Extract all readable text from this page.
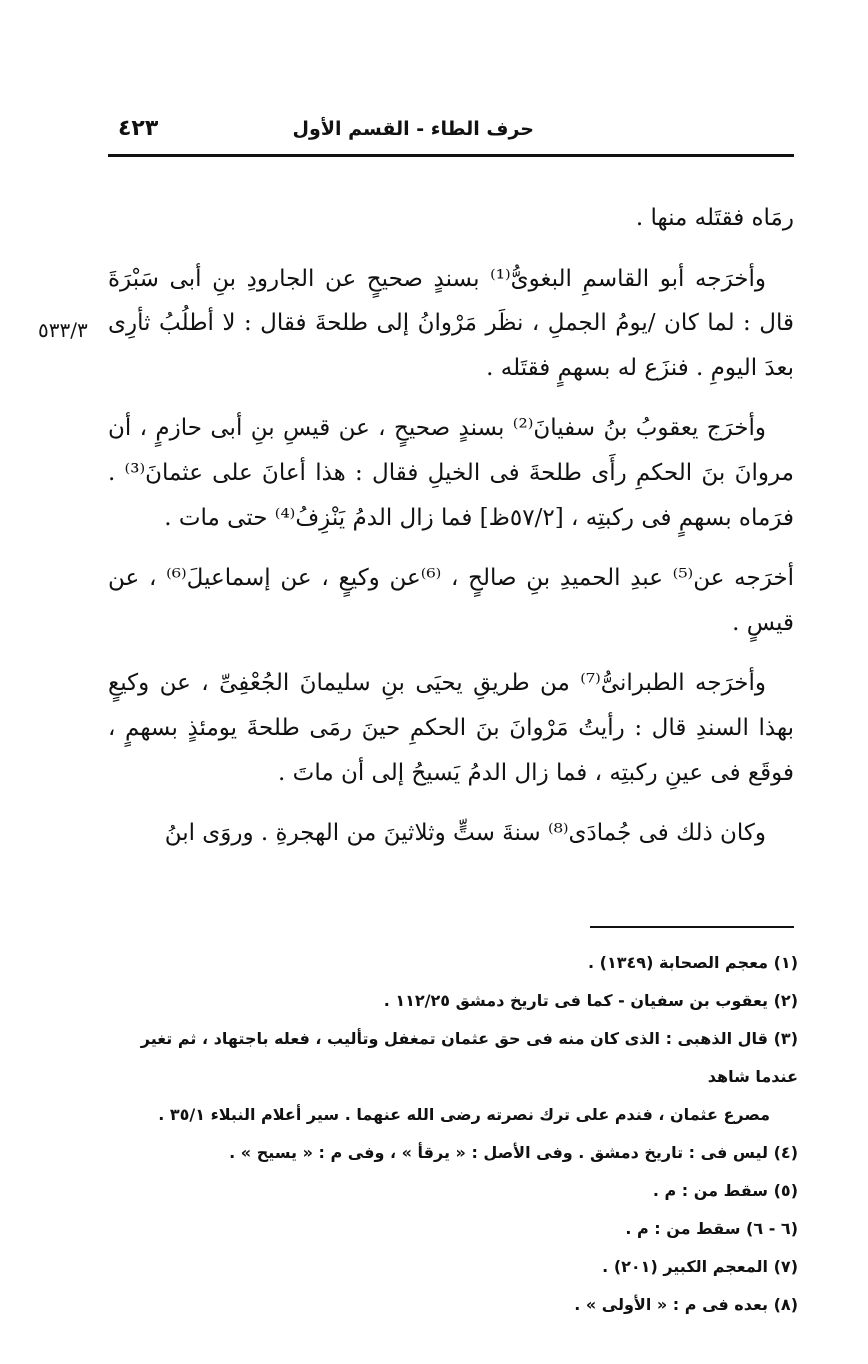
حرف الطاء - القسم الأول
٤٢٣
٥٣٣/٣

رمَاه فقتَله منها .

وأخرَجه أبو القاسمِ البغوىُّ⁽¹⁾ بسندٍ صحيحٍ عن الجارودِ بنِ أبى سَبْرَةَ قال : لما كان /يومُ الجملِ ، نظَر مَرْوانُ إلى طلحةَ فقال : لا أطلُبُ ثأرِى بعدَ اليومِ . فنزَع له بسهمٍ فقتَله .

وأخرَج يعقوبُ بنُ سفيانَ⁽²⁾ بسندٍ صحيحٍ ، عن قيسِ بنِ أبى حازمٍ ، أن مروانَ بنَ الحكمِ رأَى طلحةَ فى الخيلِ فقال : هذا أعانَ على عثمانَ⁽³⁾ . فرَماه بسهمٍ فى ركبتِه ، [٥٧/٢ظ] فما زال الدمُ يَنْزِفُ⁽⁴⁾ حتى مات .

أخرَجه عن⁽⁵⁾ عبدِ الحميدِ بنِ صالحٍ ، ⁽⁶⁾عن وكيعٍ ، عن إسماعيلَ⁽⁶⁾ ، عن قيسٍ .

وأخرَجه الطبرانىُّ⁽⁷⁾ من طريقِ يحيَى بنِ سليمانَ الجُعْفِىِّ ، عن وكيعٍ بهذا السندِ قال : رأيتُ مَرْوانَ بنَ الحكمِ حينَ رمَى طلحةَ يومئذٍ بسهمٍ ، فوقَع فى عينِ ركبتِه ، فما زال الدمُ يَسيحُ إلى أن ماتَ .

وكان ذلك فى جُمادَى⁽⁸⁾ سنةَ ستٍّ وثلاثينَ من الهجرةِ . وروَى ابنُ

(١) معجم الصحابة (١٣٤٩) .

(٢) يعقوب بن سفيان - كما فى تاريخ دمشق ١١٢/٢٥ .

(٣) قال الذهبى : الذى كان منه فى حق عثمان تمغفل وتأليب ، فعله باجتهاد ، ثم تغير عندما شاهد

مصرع عثمان ، فندم على ترك نصرته رضى الله عنهما . سير أعلام النبلاء ٣٥/١ .

(٤) ليس فى : تاريخ دمشق . وفى الأصل : « يرقأ » ، وفى م : « يسيح » .

(٥) سقط من : م .

(٦ - ٦) سقط من : م .

(٧) المعجم الكبير (٢٠١) .

(٨) بعده فى م : « الأولى » .
